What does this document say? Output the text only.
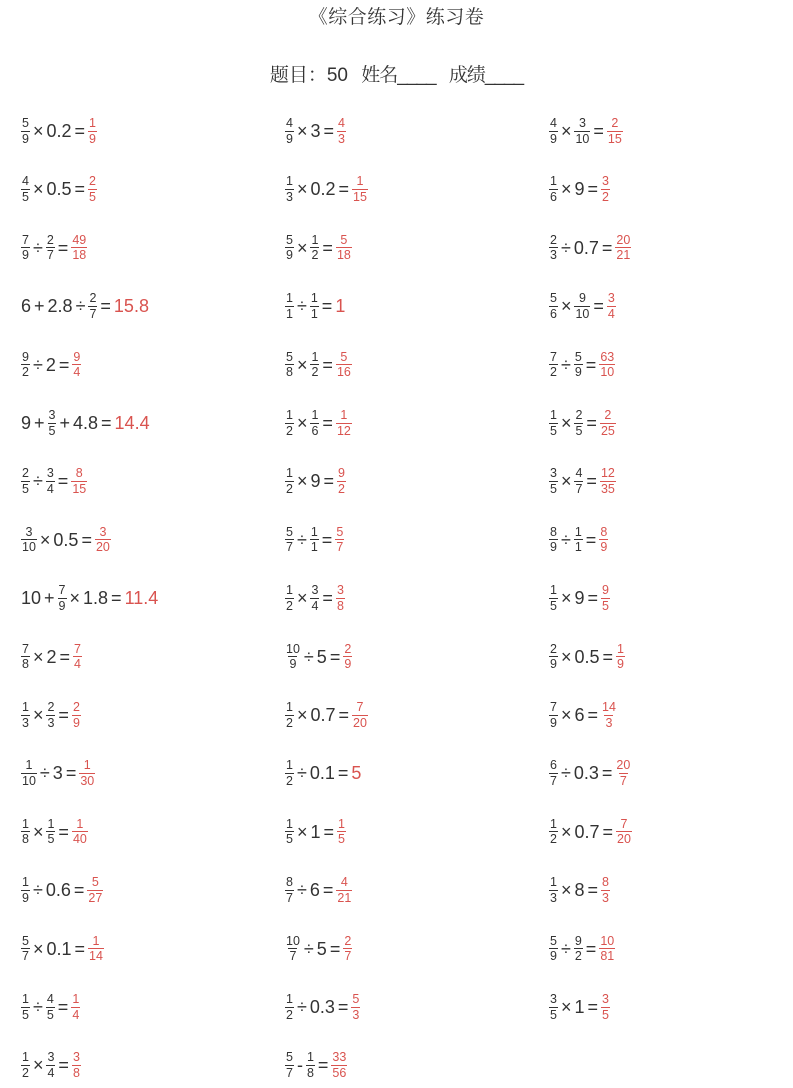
《综合练习》练习卷
题目：50 姓名____ 成绩____
$\frac{5}{9} \times 0.2 = \frac{1}{9}$	$\frac{4}{9} \times 3 = \frac{4}{3}$	$\frac{4}{9} \times \frac{3}{10} = \frac{2}{15}$
$\frac{4}{5} \times 0.5 = \frac{2}{5}$	$\frac{1}{3} \times 0.2 = \frac{1}{15}$	$\frac{1}{6} \times 9 = \frac{3}{2}$
$\frac{7}{9} \div \frac{2}{7} = \frac{49}{18}$	$\frac{5}{9} \times \frac{1}{2} = \frac{5}{18}$	$\frac{2}{3} \div 0.7 = \frac{20}{21}$
$6 + 2.8 \div \frac{2}{7} = 15.8$	$\frac{1}{1} \div \frac{1}{1} = 1$	$\frac{5}{6} \times \frac{9}{10} = \frac{3}{4}$
$\frac{9}{2} \div 2 = \frac{9}{4}$	$\frac{5}{8} \times \frac{1}{2} = \frac{5}{16}$	$\frac{7}{2} \div \frac{5}{9} = \frac{63}{10}$
$9 + \frac{3}{5} + 4.8 = 14.4$	$\frac{1}{2} \times \frac{1}{6} = \frac{1}{12}$	$\frac{1}{5} \times \frac{2}{5} = \frac{2}{25}$
$\frac{2}{5} \div \frac{3}{4} = \frac{8}{15}$	$\frac{1}{2} \times 9 = \frac{9}{2}$	$\frac{3}{5} \times \frac{4}{7} = \frac{12}{35}$
$\frac{3}{10} \times 0.5 = \frac{3}{20}$	$\frac{5}{7} \div \frac{1}{1} = \frac{5}{7}$	$\frac{8}{9} \div \frac{1}{1} = \frac{8}{9}$
$10 + \frac{7}{9} \times 1.8 = 11.4$	$\frac{1}{2} \times \frac{3}{4} = \frac{3}{8}$	$\frac{1}{5} \times 9 = \frac{9}{5}$
$\frac{7}{8} \times 2 = \frac{7}{4}$	$\frac{10}{9} \div 5 = \frac{2}{9}$	$\frac{2}{9} \times 0.5 = \frac{1}{9}$
$\frac{1}{3} \times \frac{2}{3} = \frac{2}{9}$	$\frac{1}{2} \times 0.7 = \frac{7}{20}$	$\frac{7}{9} \times 6 = \frac{14}{3}$
$\frac{1}{10} \div 3 = \frac{1}{30}$	$\frac{1}{2} \div 0.1 = 5$	$\frac{6}{7} \div 0.3 = \frac{20}{7}$
$\frac{1}{8} \times \frac{1}{5} = \frac{1}{40}$	$\frac{1}{5} \times 1 = \frac{1}{5}$	$\frac{1}{2} \times 0.7 = \frac{7}{20}$
$\frac{1}{9} \div 0.6 = \frac{5}{27}$	$\frac{8}{7} \div 6 = \frac{4}{21}$	$\frac{1}{3} \times 8 = \frac{8}{3}$
$\frac{5}{7} \times 0.1 = \frac{1}{14}$	$\frac{10}{7} \div 5 = \frac{2}{7}$	$\frac{5}{9} \div \frac{9}{2} = \frac{10}{81}$
$\frac{1}{5} \div \frac{4}{5} = \frac{1}{4}$	$\frac{1}{2} \div 0.3 = \frac{5}{3}$	$\frac{3}{5} \times 1 = \frac{3}{5}$
$\frac{1}{2} \times \frac{3}{4} = \frac{3}{8}$	$\frac{5}{7} - \frac{1}{8} = \frac{33}{56}$
